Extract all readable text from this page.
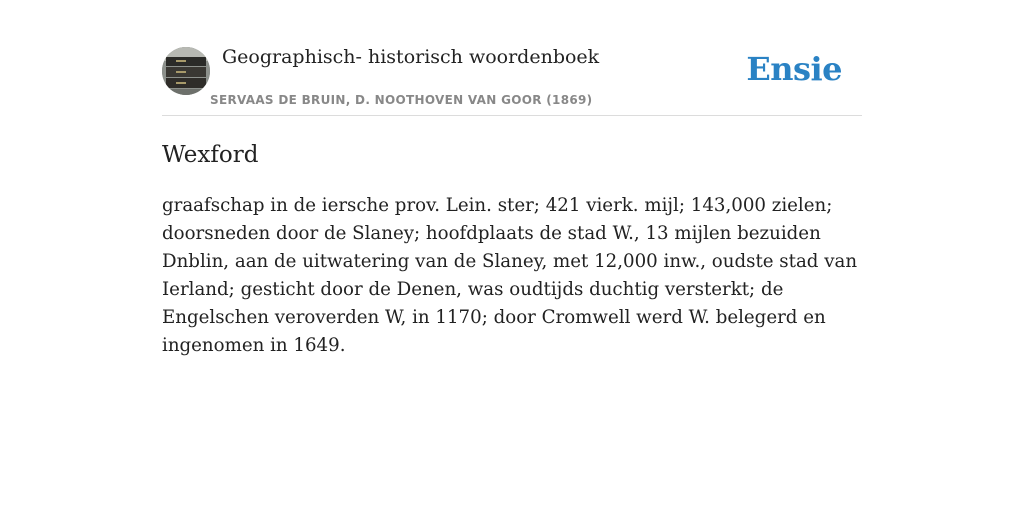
Geographisch- historisch woordenboek
SERVAAS DE BRUIN, D. NOOTHOVEN VAN GOOR (1869)
Ensie
Wexford

graafschap in de iersche prov. Lein. ster; 421 vierk. mijl; 143,000 zielen; doorsneden door de Slaney; hoofdplaats de stad W., 13 mijlen bezuiden Dnblin, aan de uitwatering van de Slaney, met 12,000 inw., oudste stad van Ierland; gesticht door de Denen, was oudtijds duchtig versterkt; de Engelschen veroverden W, in 1170; door Cromwell werd W. belegerd en ingenomen in 1649.
